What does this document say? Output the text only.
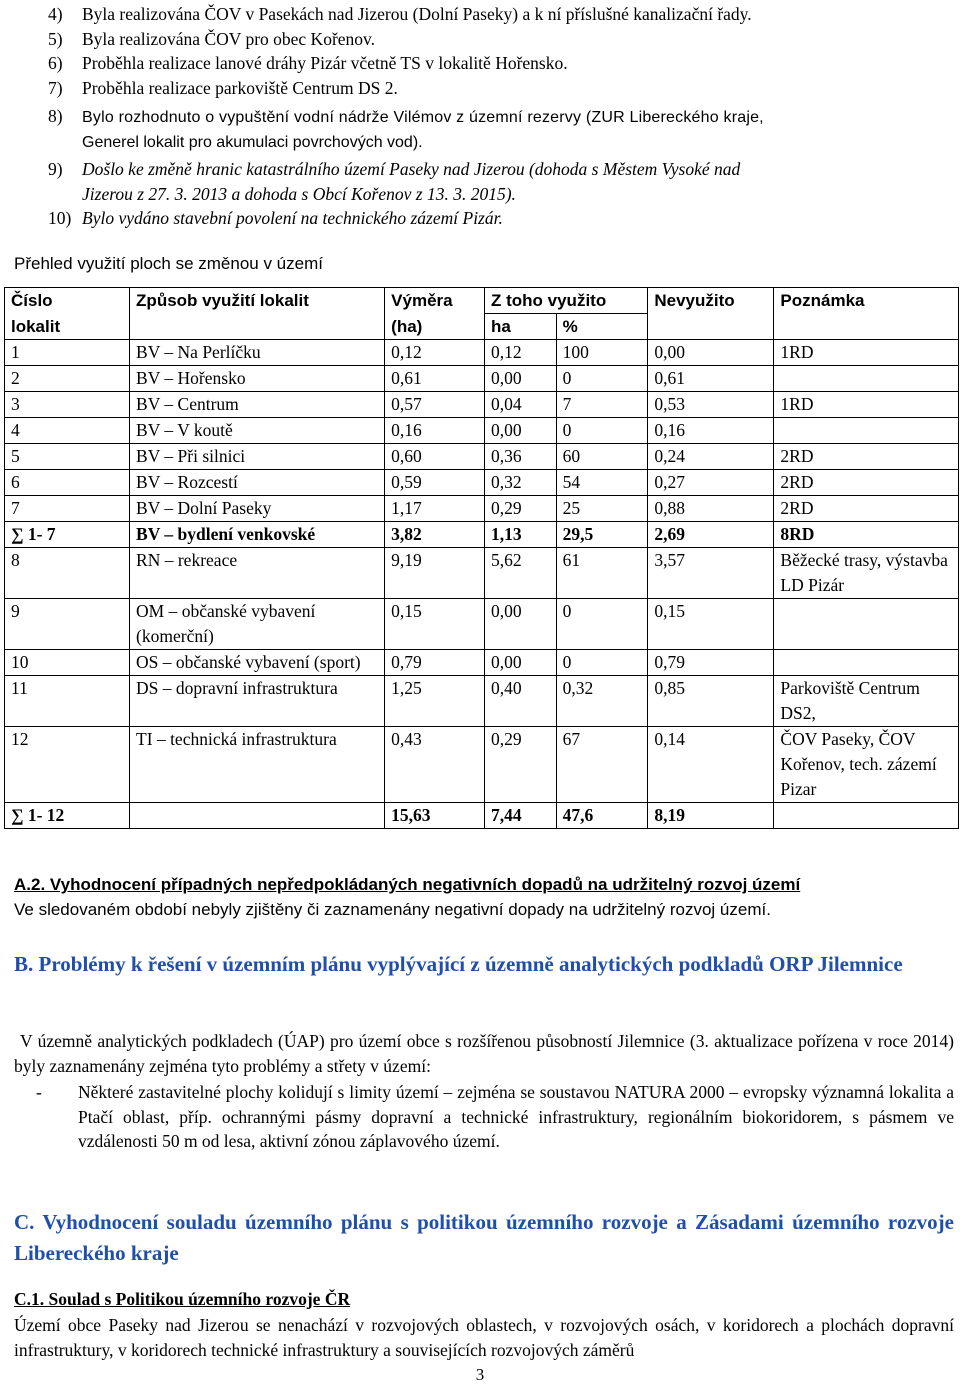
4) Byla realizována ČOV v Pasekách nad Jizerou (Dolní Paseky) a k ní příslušné kanalizační řady.
5) Byla realizována ČOV pro obec Kořenov.
6) Proběhla realizace lanové dráhy Pizár včetně TS v lokalitě Hořensko.
7) Proběhla realizace parkoviště Centrum DS 2.
8) Bylo rozhodnuto o vypuštění vodní nádrže Vilémov z územní rezervy (ZUR Libereckého kraje,
Generel lokalit pro akumulaci povrchových vod).
9) Došlo ke změně hranic katastrálního území Paseky nad Jizerou (dohoda s Městem Vysoké nad
Jizerou z 27. 3. 2013 a dohoda s Obcí Kořenov z 13. 3. 2015).
10) Bylo vydáno stavební povolení na technického zázemí Pizár.
Přehled využití ploch se změnou v území
Číslo	Způsob využití lokalit	Výměra	Z toho využito		Nevyužito	Poznámka
lokalit		(ha)	ha	%		
1	BV – Na Perlíčku	0,12	0,12	100	0,00	1RD
2	BV – Hořensko	0,61	0,00	0	0,61	
3	BV – Centrum	0,57	0,04	7	0,53	1RD
4	BV – V koutě	0,16	0,00	0	0,16	
5	BV – Při silnici	0,60	0,36	60	0,24	2RD
6	BV – Rozcestí	0,59	0,32	54	0,27	2RD
7	BV – Dolní Paseky	1,17	0,29	25	0,88	2RD
∑ 1- 7	BV – bydlení venkovské	3,82	1,13	29,5	2,69	8RD
8	RN – rekreace	9,19	5,62	61	3,57	Běžecké trasy, výstavba LD Pizár
9	OM – občanské vybavení (komerční)	0,15	0,00	0	0,15	
10	OS – občanské vybavení (sport)	0,79	0,00	0	0,79	
11	DS – dopravní infrastruktura	1,25	0,40	0,32	0,85	Parkoviště Centrum DS2,
12	TI – technická infrastruktura	0,43	0,29	67	0,14	ČOV Paseky, ČOV Kořenov, tech. zázemí Pizar
∑ 1- 12		15,63	7,44	47,6	8,19	
A.2. Vyhodnocení případných nepředpokládaných negativních dopadů na udržitelný rozvoj území
Ve sledovaném období nebyly zjištěny či zaznamenány negativní dopady na udržitelný rozvoj území.
B. Problémy k řešení v územním plánu vyplývající z územně analytických podkladů ORP Jilemnice
V územně analytických podkladech (ÚAP) pro území obce s rozšířenou působností Jilemnice (3. aktualizace pořízena v roce 2014) byly zaznamenány zejména tyto problémy a střety v území:
-	Některé zastavitelné plochy kolidují s limity území – zejména se soustavou NATURA 2000 – evropsky významná lokalita a Ptačí oblast, příp. ochrannými pásmy dopravní a technické infrastruktury, regionálním biokoridorem, s pásmem ve vzdálenosti 50 m od lesa, aktivní zónou záplavového území.
C. Vyhodnocení souladu územního plánu s politikou územního rozvoje a Zásadami územního rozvoje Libereckého kraje
C.1. Soulad s Politikou územního rozvoje ČR
Území obce Paseky nad Jizerou se nenachází v rozvojových oblastech, v rozvojových osách, v koridorech a plochách dopravní infrastruktury, v koridorech technické infrastruktury a souvisejících rozvojových záměrů
3
